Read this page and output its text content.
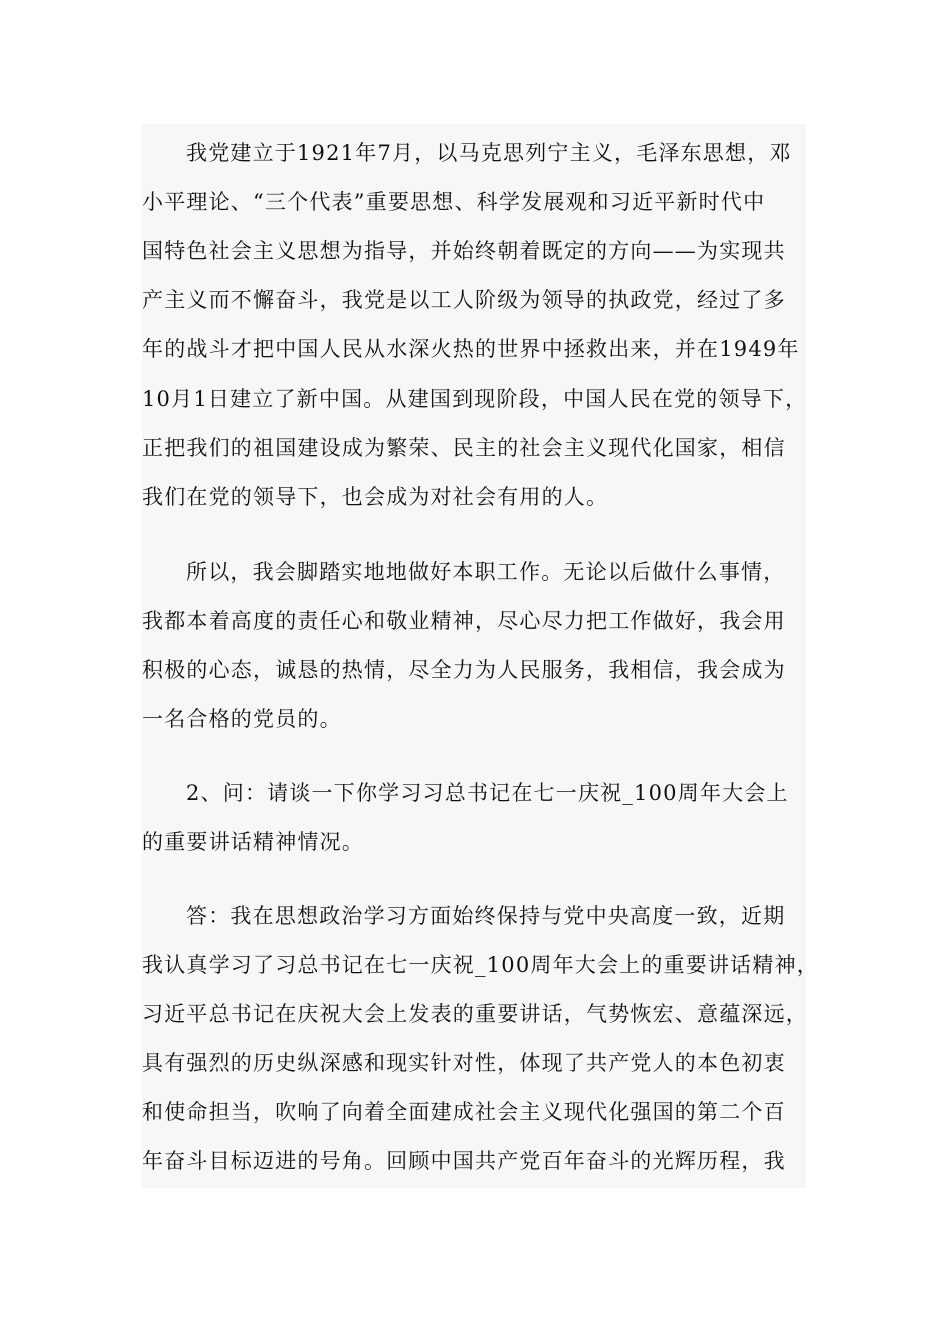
我党建立于1921年7月，以马克思列宁主义，毛泽东思想，邓
小平理论、“三个代表”重要思想、科学发展观和习近平新时代中
国特色社会主义思想为指导，并始终朝着既定的方向——为实现共
产主义而不懈奋斗，我党是以工人阶级为领导的执政党，经过了多
年的战斗才把中国人民从水深火热的世界中拯救出来，并在1949年
10月1日建立了新中国。从建国到现阶段，中国人民在党的领导下，
正把我们的祖国建设成为繁荣、民主的社会主义现代化国家，相信
我们在党的领导下，也会成为对社会有用的人。
所以，我会脚踏实地地做好本职工作。无论以后做什么事情，
我都本着高度的责任心和敬业精神，尽心尽力把工作做好，我会用
积极的心态，诚恳的热情，尽全力为人民服务，我相信，我会成为
一名合格的党员的。
2、问：请谈一下你学习习总书记在七一庆祝_100周年大会上
的重要讲话精神情况。
答：我在思想政治学习方面始终保持与党中央高度一致，近期
我认真学习了习总书记在七一庆祝_100周年大会上的重要讲话精神，
习近平总书记在庆祝大会上发表的重要讲话，气势恢宏、意蕴深远，
具有强烈的历史纵深感和现实针对性，体现了共产党人的本色初衷
和使命担当，吹响了向着全面建成社会主义现代化强国的第二个百
年奋斗目标迈进的号角。回顾中国共产党百年奋斗的光辉历程，我
